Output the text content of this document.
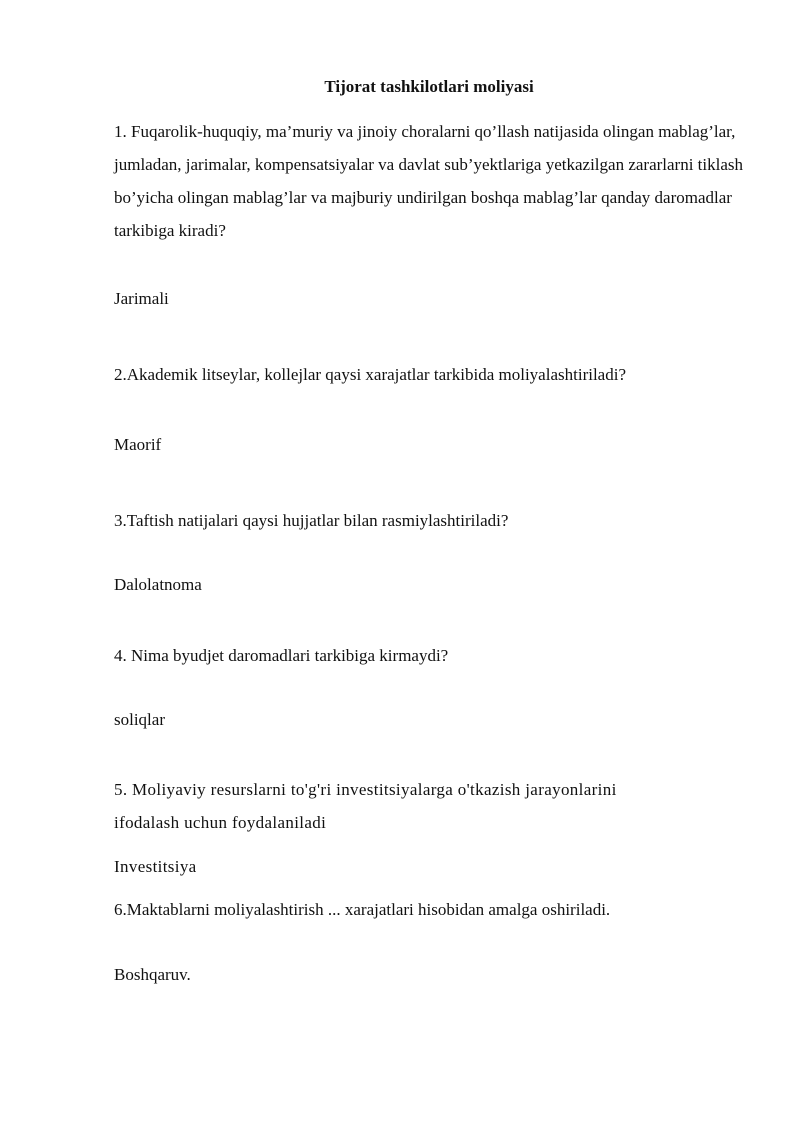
Tijorat tashkilotlari moliyasi
1. Fuqarolik-huquqiy, ma’muriy va jinoiy choralarni qo’llash natijasida olingan mablag’lar, jumladan, jarimalar, kompensatsiyalar va davlat sub’yektlariga yetkazilgan zararlarni tiklash bo’yicha olingan mablag’lar va majburiy undirilgan boshqa mablag’lar qanday daromadlar tarkibiga kiradi?
Jarimali
2.Akademik litseylar, kollejlar qaysi xarajatlar tarkibida moliyalashtiriladi?
Maorif
3.Taftish natijalari qaysi hujjatlar bilan rasmiylashtiriladi?
Dalolatnoma
4. Nima byudjet daromadlari tarkibiga kirmaydi?
soliqlar
5. Moliyaviy resurslarni to'g'ri investitsiyalarga o'tkazish jarayonlarini ifodalash uchun foydalaniladi
Investitsiya
6.Maktablarni moliyalashtirish ... xarajatlari hisobidan amalga oshiriladi.
Boshqaruv.
